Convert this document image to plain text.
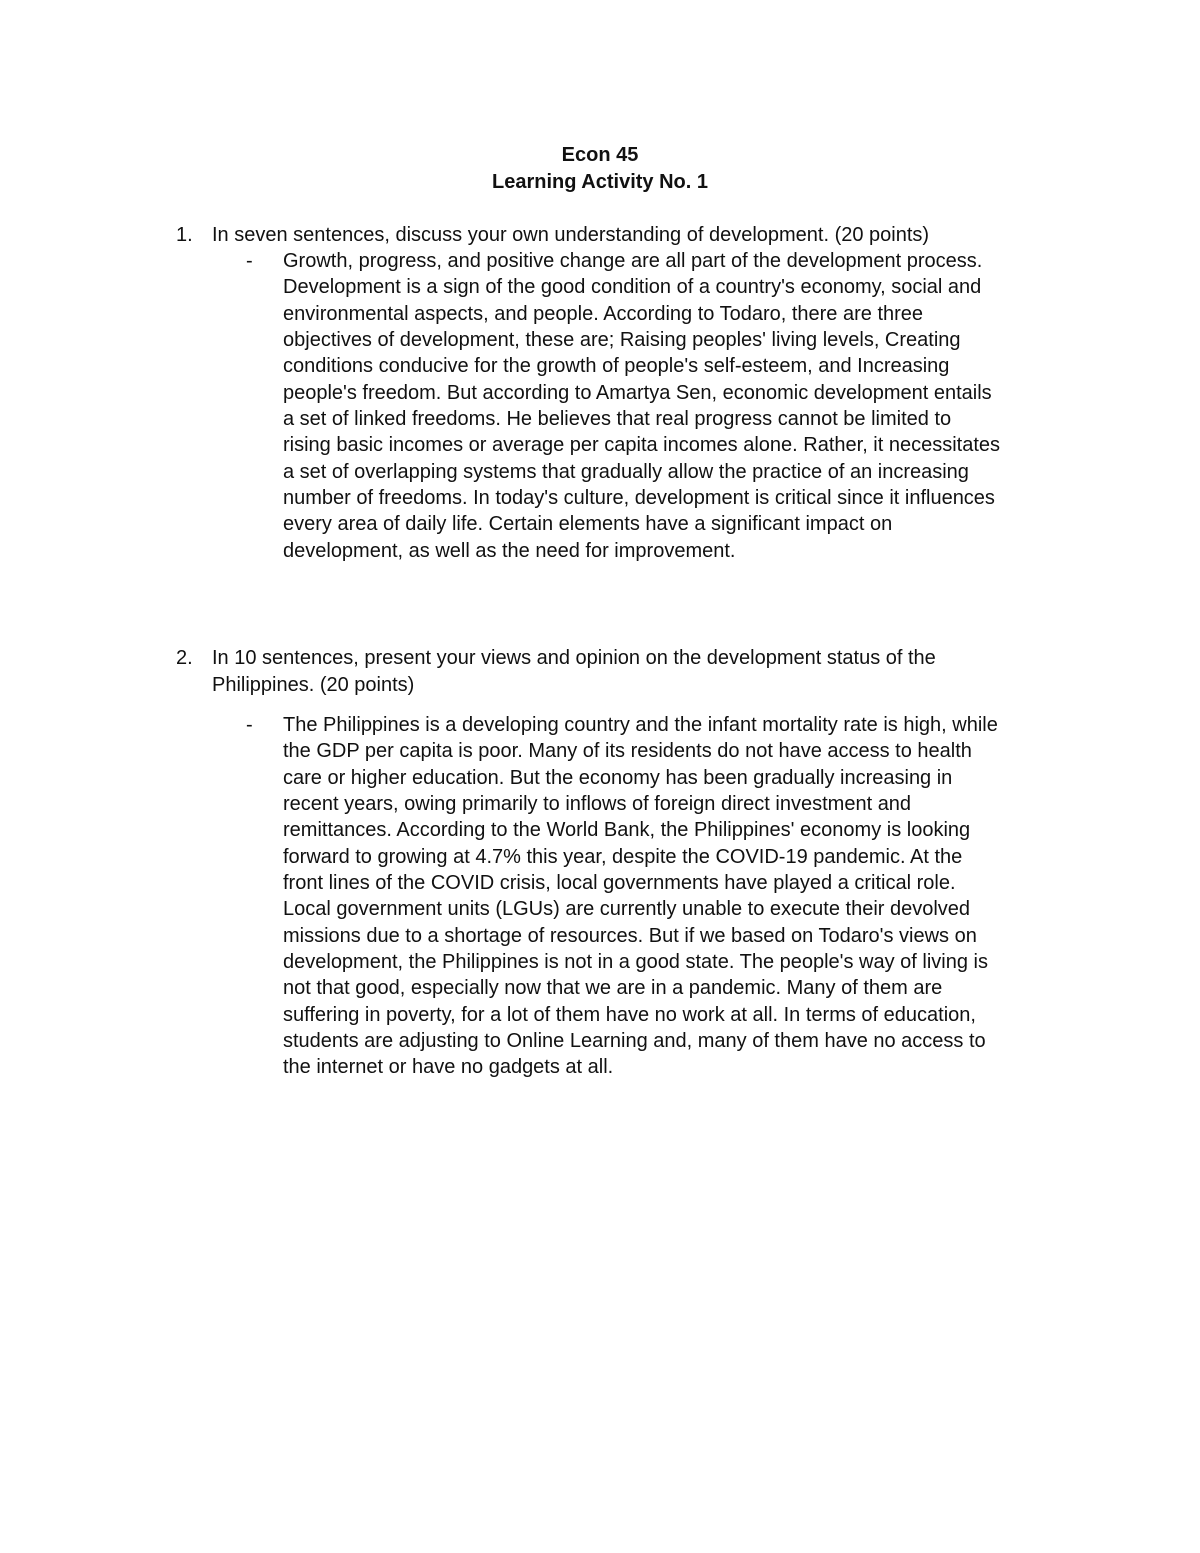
Econ 45
Learning Activity No. 1
1. In seven sentences, discuss your own understanding of development. (20 points)
- Growth, progress, and positive change are all part of the development process.
Development is a sign of the good condition of a country's economy, social and
environmental aspects, and people. According to Todaro, there are three
objectives of development, these are; Raising peoples' living levels, Creating
conditions conducive for the growth of people's self-esteem, and Increasing
people's freedom. But according to Amartya Sen, economic development entails
a set of linked freedoms. He believes that real progress cannot be limited to
rising basic incomes or average per capita incomes alone. Rather, it necessitates
a set of overlapping systems that gradually allow the practice of an increasing
number of freedoms. In today's culture, development is critical since it influences
every area of daily life. Certain elements have a significant impact on
development, as well as the need for improvement.
2. In 10 sentences, present your views and opinion on the development status of the
Philippines. (20 points)
- The Philippines is a developing country and the infant mortality rate is high, while
the GDP per capita is poor. Many of its residents do not have access to health
care or higher education. But the economy has been gradually increasing in
recent years, owing primarily to inflows of foreign direct investment and
remittances. According to the World Bank, the Philippines' economy is looking
forward to growing at 4.7% this year, despite the COVID-19 pandemic. At the
front lines of the COVID crisis, local governments have played a critical role.
Local government units (LGUs) are currently unable to execute their devolved
missions due to a shortage of resources. But if we based on Todaro's views on
development, the Philippines is not in a good state. The people's way of living is
not that good, especially now that we are in a pandemic. Many of them are
suffering in poverty, for a lot of them have no work at all. In terms of education,
students are adjusting to Online Learning and, many of them have no access to
the internet or have no gadgets at all.
